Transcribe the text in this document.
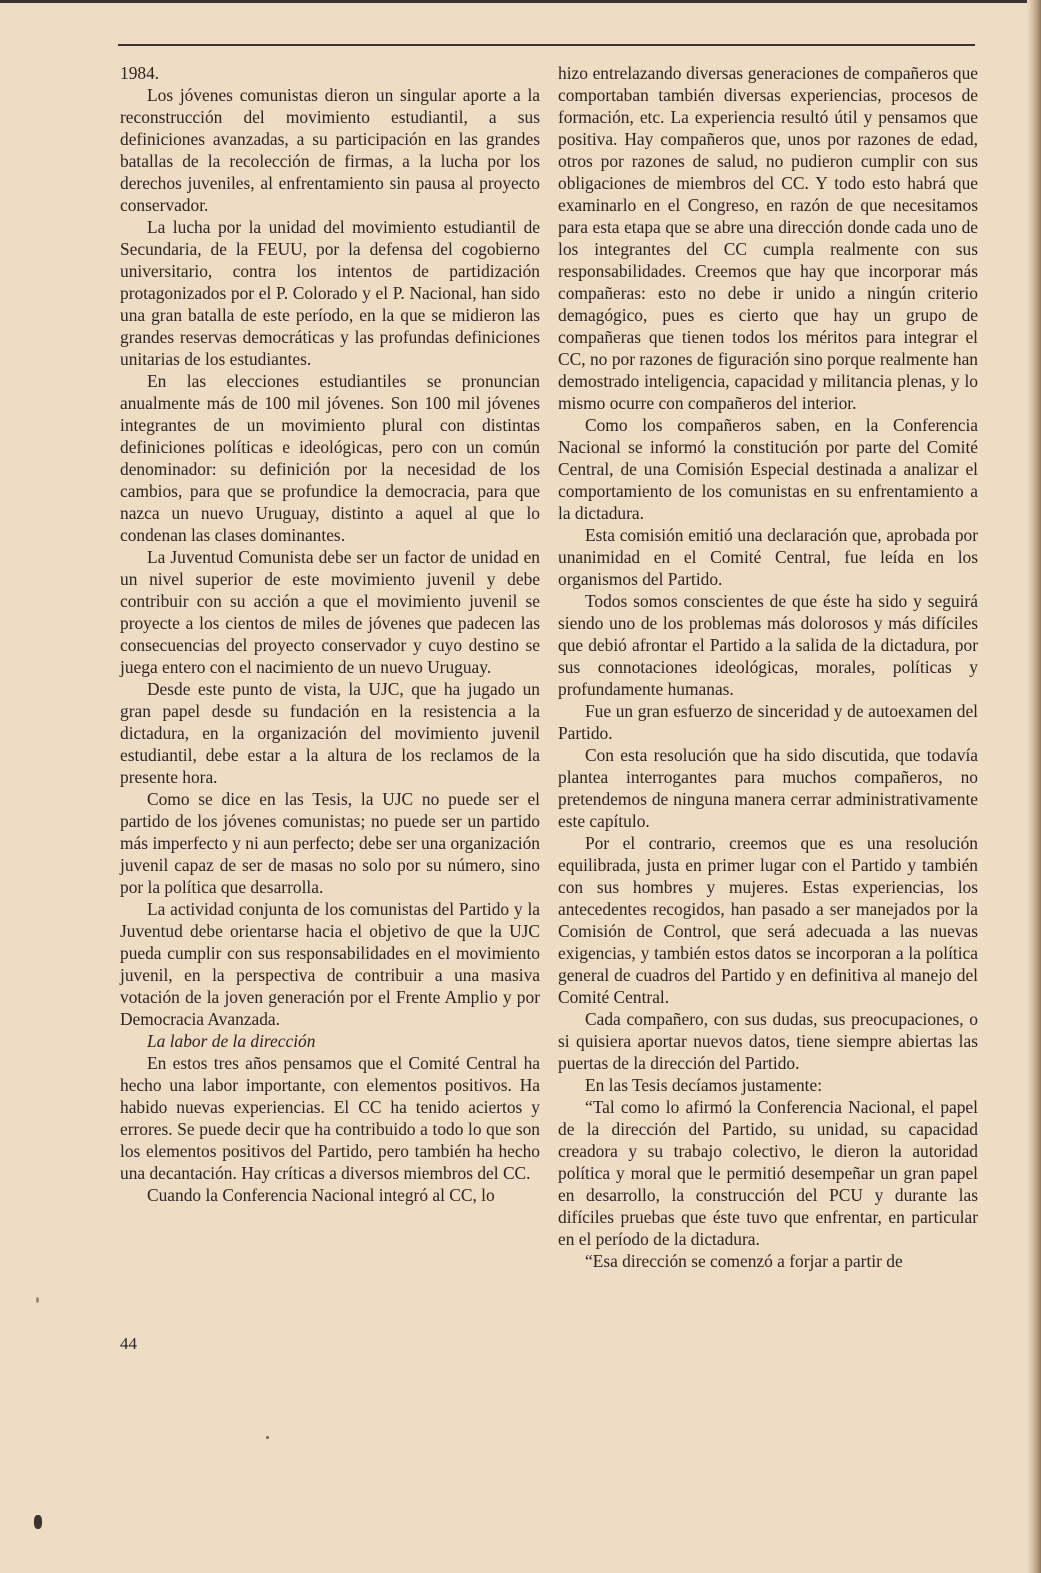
1984.

Los jóvenes comunistas dieron un singular aporte a la reconstrucción del movimiento estudiantil, a sus definiciones avanzadas, a su participación en las grandes batallas de la recolección de firmas, a la lucha por los derechos juveniles, al enfrentamiento sin pausa al proyecto conservador.

La lucha por la unidad del movimiento estudiantil de Secundaria, de la FEUU, por la defensa del cogobierno universitario, contra los intentos de partidización protagonizados por el P. Colorado y el P. Nacional, han sido una gran batalla de este período, en la que se midieron las grandes reservas democráticas y las profundas definiciones unitarias de los estudiantes.

En las elecciones estudiantiles se pronuncian anualmente más de 100 mil jóvenes. Son 100 mil jóvenes integrantes de un movimiento plural con distintas definiciones políticas e ideológicas, pero con un común denominador: su definición por la necesidad de los cambios, para que se profundice la democracia, para que nazca un nuevo Uruguay, distinto a aquel al que lo condenan las clases dominantes.

La Juventud Comunista debe ser un factor de unidad en un nivel superior de este movimiento juvenil y debe contribuir con su acción a que el movimiento juvenil se proyecte a los cientos de miles de jóvenes que padecen las consecuencias del proyecto conservador y cuyo destino se juega entero con el nacimiento de un nuevo Uruguay.

Desde este punto de vista, la UJC, que ha jugado un gran papel desde su fundación en la resistencia a la dictadura, en la organización del movimiento juvenil estudiantil, debe estar a la altura de los reclamos de la presente hora.

Como se dice en las Tesis, la UJC no puede ser el partido de los jóvenes comunistas; no puede ser un partido más imperfecto y ni aun perfecto; debe ser una organización juvenil capaz de ser de masas no solo por su número, sino por la política que desarrolla.

La actividad conjunta de los comunistas del Partido y la Juventud debe orientarse hacia el objetivo de que la UJC pueda cumplir con sus responsabilidades en el movimiento juvenil, en la perspectiva de contribuir a una masiva votación de la joven generación por el Frente Amplio y por Democracia Avanzada.

La labor de la dirección

En estos tres años pensamos que el Comité Central ha hecho una labor importante, con elementos positivos. Ha habido nuevas experiencias. El CC ha tenido aciertos y errores. Se puede decir que ha contribuido a todo lo que son los elementos positivos del Partido, pero también ha hecho una decantación. Hay críticas a diversos miembros del CC.

Cuando la Conferencia Nacional integró al CC, lo

hizo entrelazando diversas generaciones de compañeros que comportaban también diversas experiencias, procesos de formación, etc. La experiencia resultó útil y pensamos que positiva. Hay compañeros que, unos por razones de edad, otros por razones de salud, no pudieron cumplir con sus obligaciones de miembros del CC. Y todo esto habrá que examinarlo en el Congreso, en razón de que necesitamos para esta etapa que se abre una dirección donde cada uno de los integrantes del CC cumpla realmente con sus responsabilidades. Creemos que hay que incorporar más compañeras: esto no debe ir unido a ningún criterio demagógico, pues es cierto que hay un grupo de compañeras que tienen todos los méritos para integrar el CC, no por razones de figuración sino porque realmente han demostrado inteligencia, capacidad y militancia plenas, y lo mismo ocurre con compañeros del interior.

Como los compañeros saben, en la Conferencia Nacional se informó la constitución por parte del Comité Central, de una Comisión Especial destinada a analizar el comportamiento de los comunistas en su enfrentamiento a la dictadura.

Esta comisión emitió una declaración que, aprobada por unanimidad en el Comité Central, fue leída en los organismos del Partido.

Todos somos conscientes de que éste ha sido y seguirá siendo uno de los problemas más dolorosos y más difíciles que debió afrontar el Partido a la salida de la dictadura, por sus connotaciones ideológicas, morales, políticas y profundamente humanas.

Fue un gran esfuerzo de sinceridad y de autoexamen del Partido.

Con esta resolución que ha sido discutida, que todavía plantea interrogantes para muchos compañeros, no pretendemos de ninguna manera cerrar administrativamente este capítulo.

Por el contrario, creemos que es una resolución equilibrada, justa en primer lugar con el Partido y también con sus hombres y mujeres. Estas experiencias, los antecedentes recogidos, han pasado a ser manejados por la Comisión de Control, que será adecuada a las nuevas exigencias, y también estos datos se incorporan a la política general de cuadros del Partido y en definitiva al manejo del Comité Central.

Cada compañero, con sus dudas, sus preocupaciones, o si quisiera aportar nuevos datos, tiene siempre abiertas las puertas de la dirección del Partido.

En las Tesis decíamos justamente:

“Tal como lo afirmó la Conferencia Nacional, el papel de la dirección del Partido, su unidad, su capacidad creadora y su trabajo colectivo, le dieron la autoridad política y moral que le permitió desempeñar un gran papel en desarrollo, la construcción del PCU y durante las difíciles pruebas que éste tuvo que enfrentar, en particular en el período de la dictadura.

“Esa dirección se comenzó a forjar a partir de

44
